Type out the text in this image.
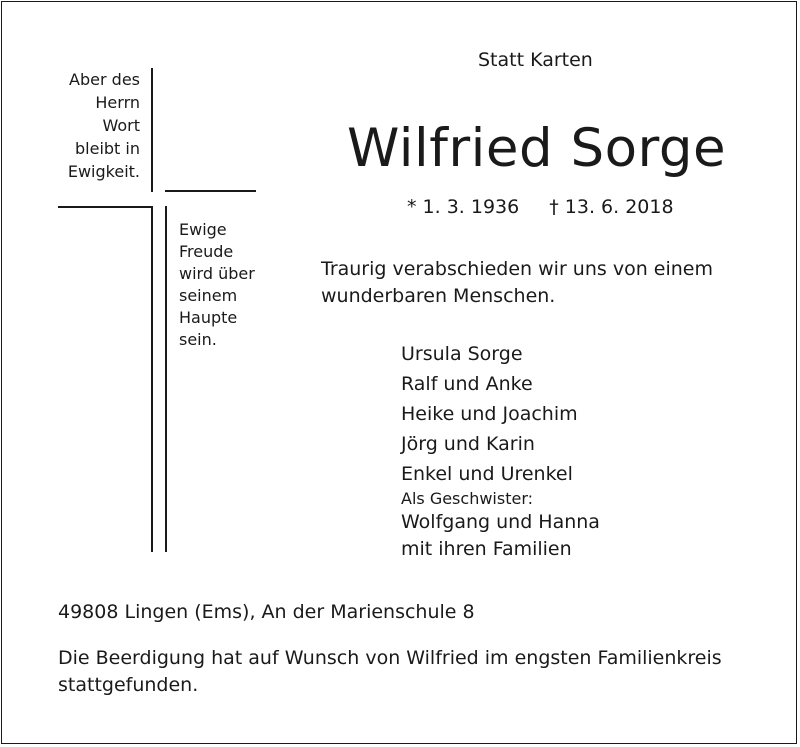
Statt Karten
Wilfried Sorge
* 1. 3. 1936 † 13. 6. 2018
Aber des
Herrn
Wort
bleibt in
Ewigkeit.
Ewige
Freude
wird über
seinem
Haupte
sein.
Traurig verabschieden wir uns von einem wunderbaren Menschen.
Ursula Sorge
Ralf und Anke
Heike und Joachim
Jörg und Karin
Enkel und Urenkel
Als Geschwister:
Wolfgang und Hanna
mit ihren Familien
49808 Lingen (Ems), An der Marienschule 8
Die Beerdigung hat auf Wunsch von Wilfried im engsten Familienkreis stattgefunden.
